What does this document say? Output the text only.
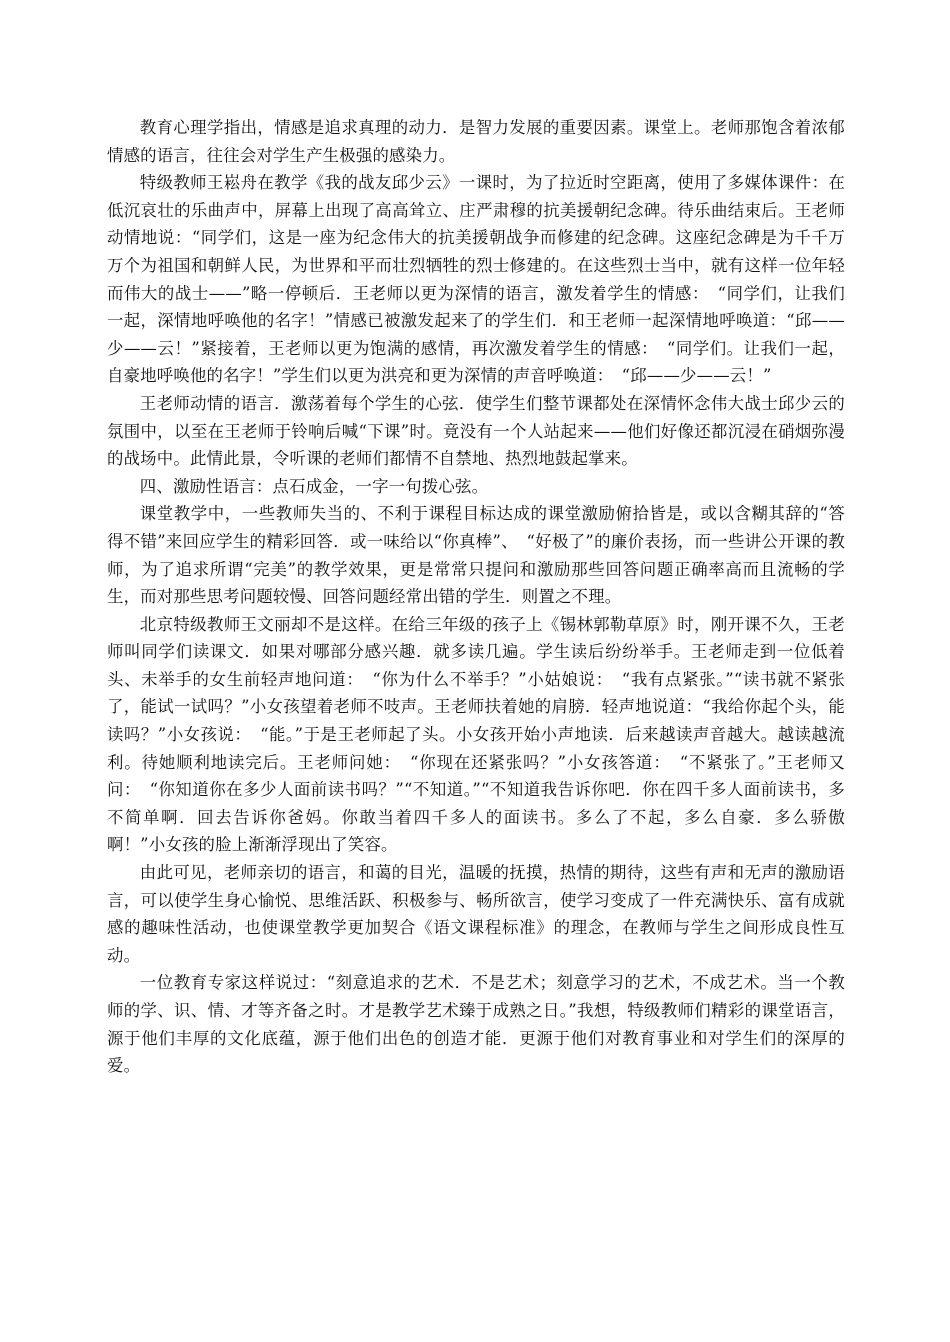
教育心理学指出，情感是追求真理的动力．是智力发展的重要因素。课堂上。老师那饱含着浓郁情感的语言，往往会对学生产生极强的感染力。

特级教师王崧舟在教学《我的战友邱少云》一课时，为了拉近时空距离，使用了多媒体课件：在低沉哀壮的乐曲声中，屏幕上出现了高高耸立、庄严肃穆的抗美援朝纪念碑。待乐曲结束后。王老师动情地说：“同学们，这是一座为纪念伟大的抗美援朝战争而修建的纪念碑。这座纪念碑是为千千万万个为祖国和朝鲜人民，为世界和平而壮烈牺牲的烈士修建的。在这些烈士当中，就有这样一位年轻而伟大的战士——”略一停顿后．王老师以更为深情的语言，激发着学生的情感：　“同学们，让我们一起，深情地呼唤他的名字！”情感已被激发起来了的学生们．和王老师一起深情地呼唤道：“邱——少——云！”紧接着，王老师以更为饱满的感情，再次激发着学生的情感：　“同学们。让我们一起，自豪地呼唤他的名字！”学生们以更为洪亮和更为深情的声音呼唤道：　“邱——少——云！”

王老师动情的语言．激荡着每个学生的心弦．使学生们整节课都处在深情怀念伟大战士邱少云的氛围中，以至在王老师于铃响后喊“下课”时。竟没有一个人站起来——他们好像还都沉浸在硝烟弥漫的战场中。此情此景，令听课的老师们都情不自禁地、热烈地鼓起掌来。

四、激励性语言：点石成金，一字一句拨心弦。

课堂教学中，一些教师失当的、不利于课程目标达成的课堂激励俯拾皆是，或以含糊其辞的“答得不错”来回应学生的精彩回答．或一味给以“你真棒”、　“好极了”的廉价表扬，而一些讲公开课的教师，为了追求所谓“完美”的教学效果，更是常常只提问和激励那些回答问题正确率高而且流畅的学生，而对那些思考问题较慢、回答问题经常出错的学生．则置之不理。

北京特级教师王文丽却不是这样。在给三年级的孩子上《锡林郭勒草原》时，刚开课不久，王老师叫同学们读课文．如果对哪部分感兴趣．就多读几遍。学生读后纷纷举手。王老师走到一位低着头、未举手的女生前轻声地问道：　“你为什么不举手？”小姑娘说：　“我有点紧张。”“读书就不紧张了，能试一试吗？”小女孩望着老师不吱声。王老师扶着她的肩膀．轻声地说道：“我给你起个头，能读吗？”小女孩说：　“能。”于是王老师起了头。小女孩开始小声地读．后来越读声音越大。越读越流利。待她顺利地读完后。王老师问她：　“你现在还紧张吗？”小女孩答道：　“不紧张了。”王老师又问：　“你知道你在多少人面前读书吗？”“不知道。”“不知道我告诉你吧．你在四千多人面前读书，多不简单啊．回去告诉你爸妈。你敢当着四千多人的面读书。多么了不起，多么自豪．多么骄傲啊！”小女孩的脸上渐渐浮现出了笑容。

由此可见，老师亲切的语言，和蔼的目光，温暖的抚摸，热情的期待，这些有声和无声的激励语言，可以使学生身心愉悦、思维活跃、积极参与、畅所欲言，使学习变成了一件充满快乐、富有成就感的趣味性活动，也使课堂教学更加契合《语文课程标准》的理念，在教师与学生之间形成良性互动。

一位教育专家这样说过：“刻意追求的艺术．不是艺术；刻意学习的艺术，不成艺术。当一个教师的学、识、情、才等齐备之时。才是教学艺术臻于成熟之日。”我想，特级教师们精彩的课堂语言，源于他们丰厚的文化底蕴，源于他们出色的创造才能．更源于他们对教育事业和对学生们的深厚的爱。
